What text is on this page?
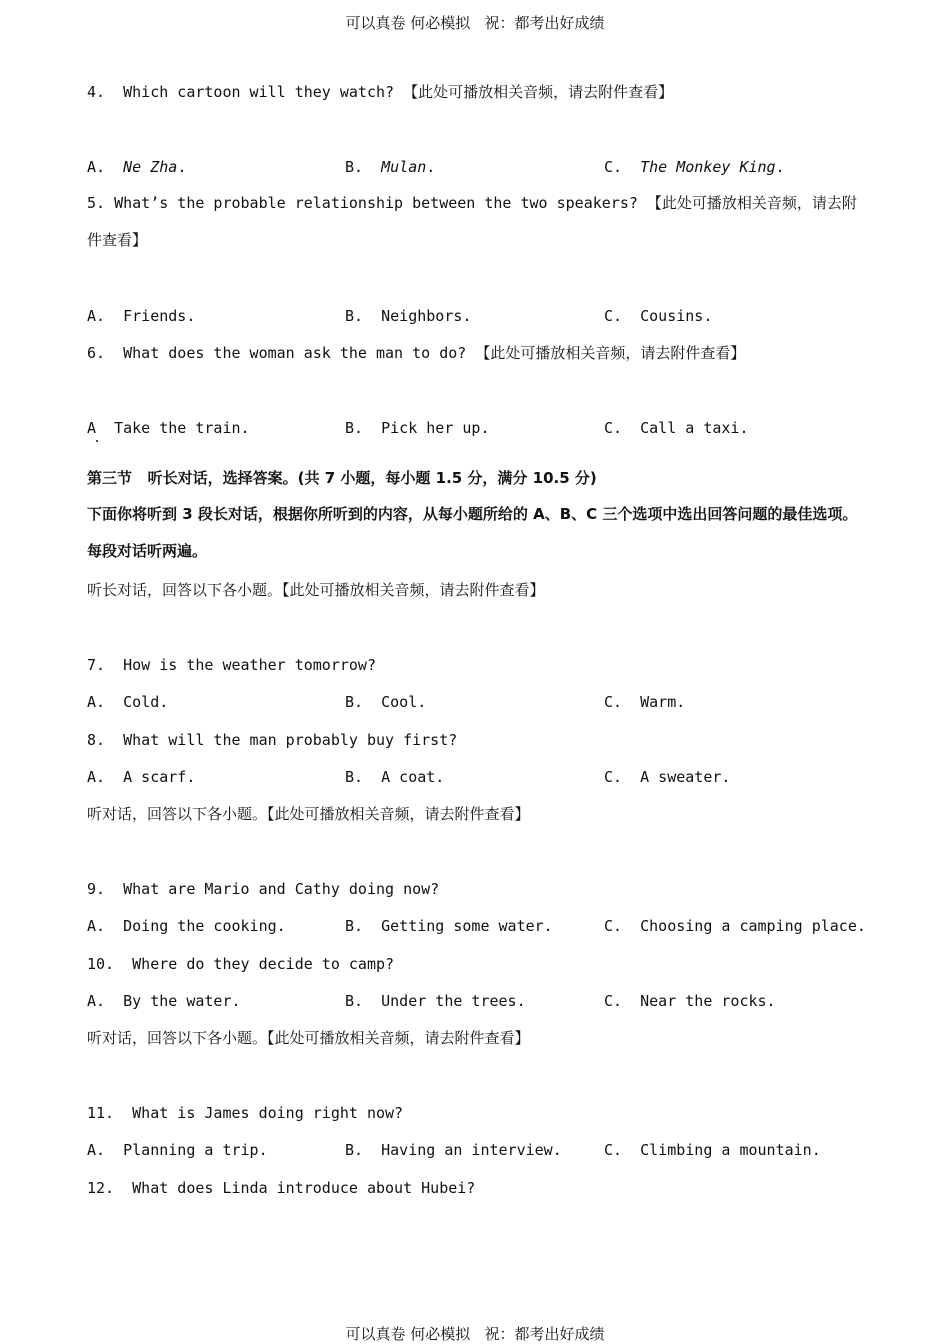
可以真卷 何必模拟   祝：都考出好成绩
4.  Which cartoon will they watch? 【此处可播放相关音频，请去附件查看】
A.  Ne Zha.	B.  Mulan.	C.  The Monkey King.
5. What’s the probable relationship between the two speakers? 【此处可播放相关音频，请去附件查看】
A.  Friends.	B.  Neighbors.	C.  Cousins.
6.  What does the woman ask the man to do? 【此处可播放相关音频，请去附件查看】
A  Take the train.	B.  Pick her up.	C.  Call a taxi.
第三节   听长对话，选择答案。(共 7 小题，每小题 1.5 分，满分 10.5 分)
下面你将听到 3 段长对话，根据你所听到的内容，从每小题所给的 A、B、C 三个选项中选出回答问题的最佳选项。每段对话听两遍。
听长对话，回答以下各小题。【此处可播放相关音频，请去附件查看】
7.  How is the weather tomorrow?
A.  Cold.	B.  Cool.	C.  Warm.
8.  What will the man probably buy first?
A.  A scarf.	B.  A coat.	C.  A sweater.
听对话，回答以下各小题。【此处可播放相关音频，请去附件查看】
9.  What are Mario and Cathy doing now?
A.  Doing the cooking.	B.  Getting some water.	C.  Choosing a camping place.
10.  Where do they decide to camp?
A.  By the water.	B.  Under the trees.	C.  Near the rocks.
听对话，回答以下各小题。【此处可播放相关音频，请去附件查看】
11.  What is James doing right now?
A.  Planning a trip.	B.  Having an interview.	C.  Climbing a mountain.
12.  What does Linda introduce about Hubei?
可以真卷 何必模拟   祝：都考出好成绩
